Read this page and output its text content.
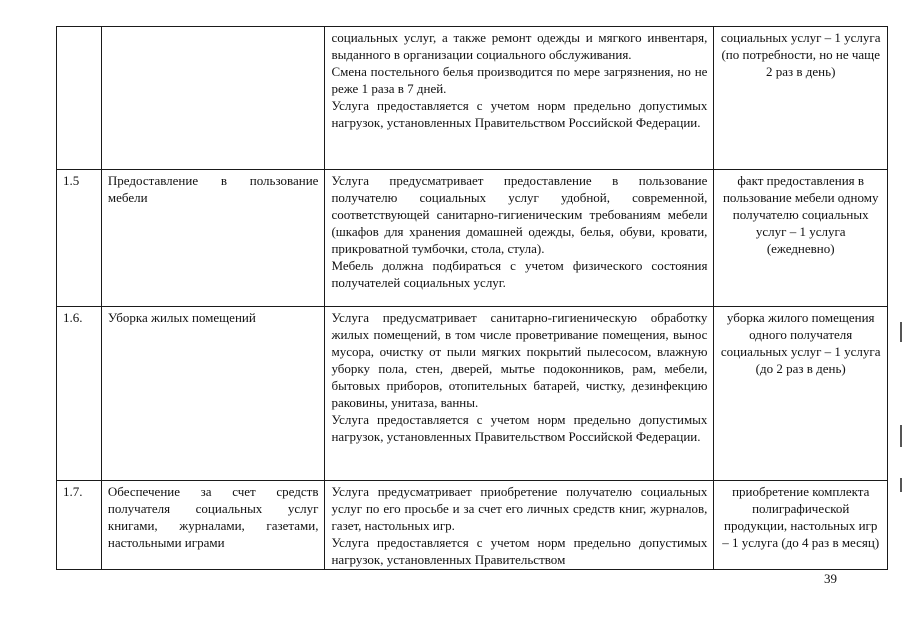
		социальных услуг, а также ремонт одежды и мягкого инвентаря, выданного в организации социального обслуживания.
Смена постельного белья производится по мере загрязнения, но не реже 1 раза в 7 дней.
Услуга предоставляется с учетом норм предельно допустимых нагрузок, установленных Правительством Российской Федерации.	социальных услуг – 1 услуга (по потребности, но не чаще 2 раз в день)
1.5	Предоставление в пользование мебели	Услуга предусматривает предоставление в пользование получателю социальных услуг удобной, современной, соответствующей санитарно-гигиеническим требованиям мебели (шкафов для хранения домашней одежды, белья, обуви, кровати, прикроватной тумбочки, стола, стула).
Мебель должна подбираться с учетом физического состояния получателей социальных услуг.	факт предоставления в пользование мебели одному получателю социальных услуг – 1 услуга (ежедневно)
1.6.	Уборка жилых помещений	Услуга предусматривает санитарно-гигиеническую обработку жилых помещений, в том числе проветривание помещения, вынос мусора, очистку от пыли мягких покрытий пылесосом, влажную уборку пола, стен, дверей, мытье подоконников, рам, мебели, бытовых приборов, отопительных батарей, чистку, дезинфекцию раковины, унитаза, ванны.
Услуга предоставляется с учетом норм предельно допустимых нагрузок, установленных Правительством Российской Федерации.	уборка жилого помещения одного получателя социальных услуг – 1 услуга (до 2 раз в день)
1.7.	Обеспечение за счет средств получателя социальных услуг книгами, журналами, газетами, настольными играми	Услуга предусматривает приобретение получателю социальных услуг по его просьбе и за счет его личных средств книг, журналов, газет, настольных игр.
Услуга предоставляется с учетом норм предельно допустимых нагрузок, установленных Правительством	приобретение комплекта полиграфической продукции, настольных игр – 1 услуга (до 4 раз в месяц)
39
